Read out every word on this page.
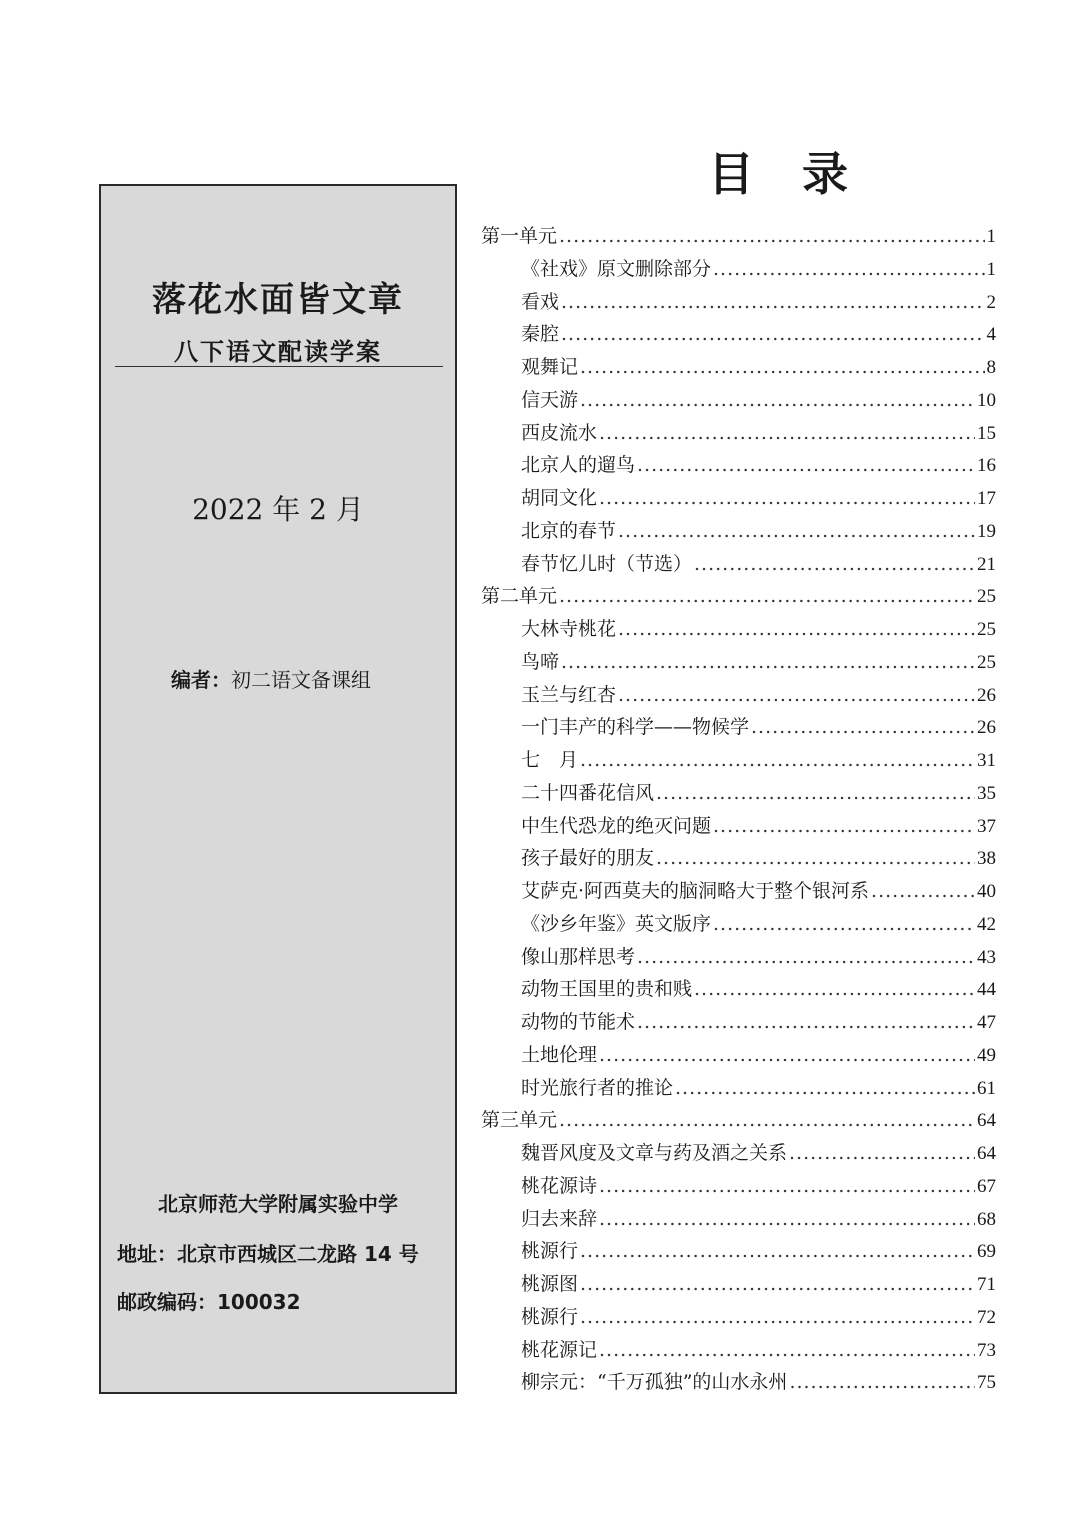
落花水面皆文章
八下语文配读学案
2022 年 2 月
编者：初二语文备课组
北京师范大学附属实验中学
地址：北京市西城区二龙路 14 号
邮政编码：100032
目录
第一单元 .....	1
《社戏》原文删除部分 .....	1
看戏 .....	2
秦腔 .....	4
观舞记 .....	8
信天游 .....	10
西皮流水 .....	15
北京人的遛鸟 .....	16
胡同文化 .....	17
北京的春节 .....	19
春节忆儿时（节选） .....	21
第二单元 .....	25
大林寺桃花 .....	25
鸟啼 .....	25
玉兰与红杏 .....	26
一门丰产的科学——物候学 .....	26
七　月 .....	31
二十四番花信风 .....	35
中生代恐龙的绝灭问题 .....	37
孩子最好的朋友 .....	38
艾萨克·阿西莫夫的脑洞略大于整个银河系 .....	40
《沙乡年鉴》英文版序 .....	42
像山那样思考 .....	43
动物王国里的贵和贱 .....	44
动物的节能术 .....	47
土地伦理 .....	49
时光旅行者的推论 .....	61
第三单元 .....	64
魏晋风度及文章与药及酒之关系 .....	64
桃花源诗 .....	67
归去来辞 .....	68
桃源行 .....	69
桃源图 .....	71
桃源行 .....	72
桃花源记 .....	73
柳宗元：“千万孤独”的山水永州 .....	75
